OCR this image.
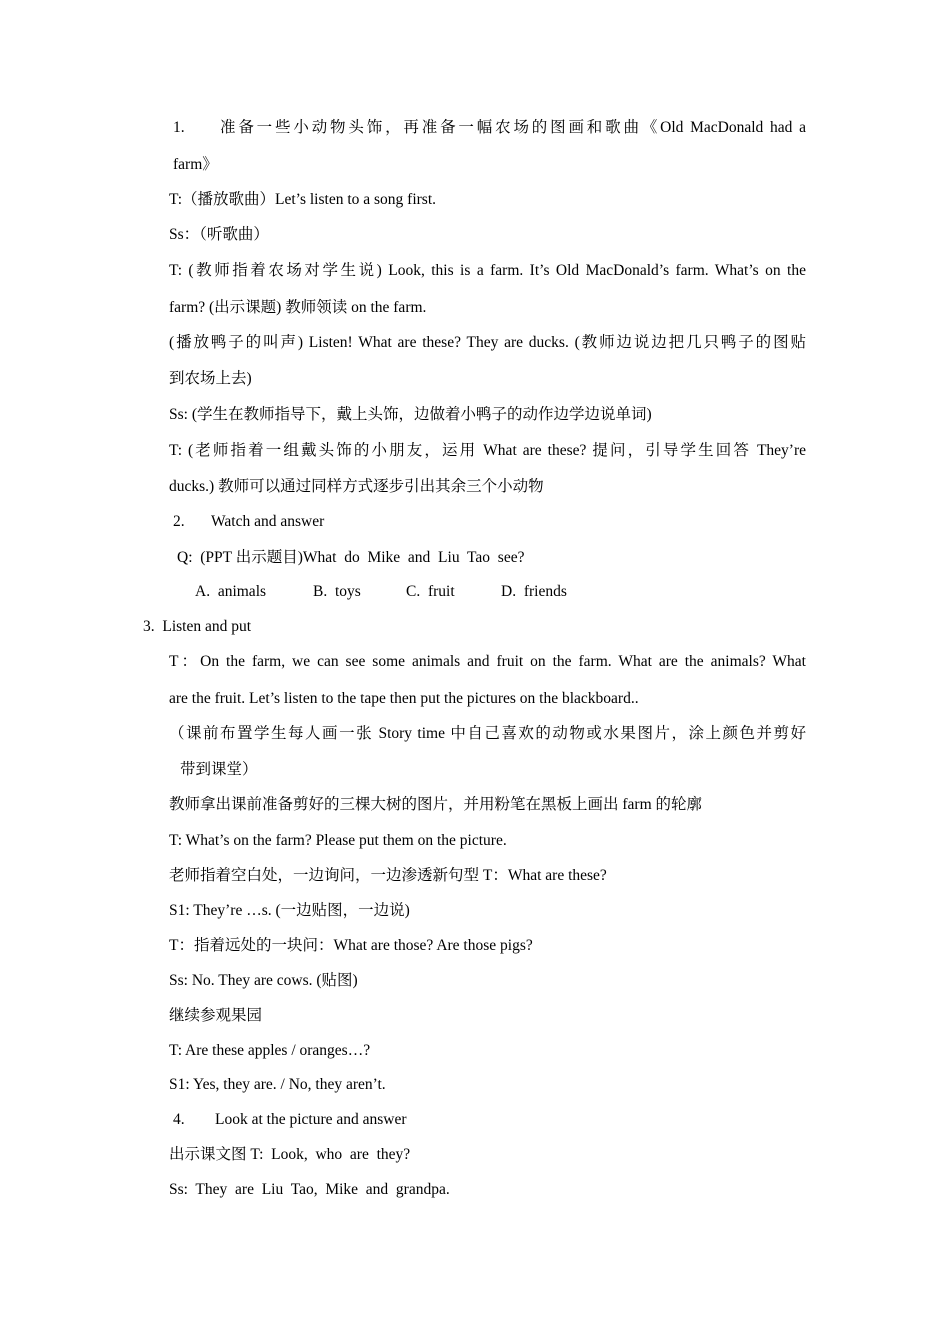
1. 准备一些小动物头饰，再准备一幅农场的图画和歌曲《Old MacDonald had a
farm》
T:（播放歌曲）Let’s listen to a song first.
Ss：（听歌曲）
T: (教师指着农场对学生说) Look, this is a farm. It’s Old MacDonald’s farm. What’s on the
farm? (出示课题) 教师领读 on the farm.
(播放鸭子的叫声) Listen! What are these? They are ducks. (教师边说边把几只鸭子的图贴
到农场上去)
Ss: (学生在教师指导下，戴上头饰，边做着小鸭子的动作边学边说单词)
T: (老师指着一组戴头饰的小朋友，运用 What are these? 提问，引导学生回答 They’re
ducks.) 教师可以通过同样方式逐步引出其余三个小动物
2. Watch and answer
Q:  (PPT 出示题目)What  do  Mike  and  Liu  Tao  see?
A.  animals	B.  toys	C.  fruit	D.  friends
3.  Listen and put
T：On the farm, we can see some animals and fruit on the farm. What are the animals? What
are the fruit. Let’s listen to the tape then put the pictures on the blackboard..
（课前布置学生每人画一张 Story time 中自己喜欢的动物或水果图片，涂上颜色并剪好
带到课堂）
教师拿出课前准备剪好的三棵大树的图片，并用粉笔在黑板上画出 farm 的轮廓
T: What’s on the farm? Please put them on the picture.
老师指着空白处，一边询问，一边渗透新句型 T：What are these?
S1: They’re …s. (一边贴图，一边说)
T：指着远处的一块问：What are those? Are those pigs?
Ss: No. They are cows. (贴图)
继续参观果园
T: Are these apples / oranges…?
S1: Yes, they are. / No, they aren’t.
4. Look at the picture and answer
出示课文图 T:  Look,  who  are  they?
Ss:  They  are  Liu  Tao,  Mike  and  grandpa.
